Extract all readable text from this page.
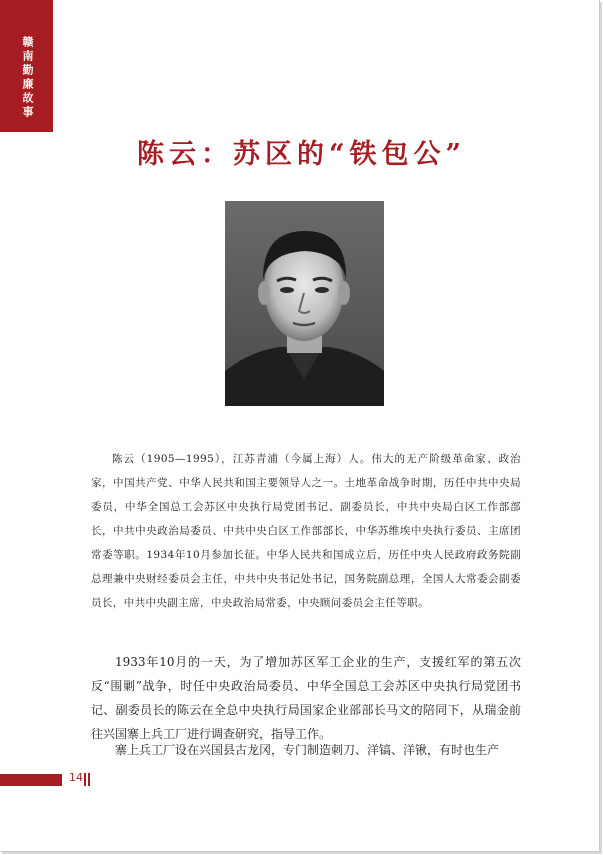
赣南勤廉故事
陈云：苏区的“铁包公”
陈云（1905—1995），江苏青浦（今属上海）人。伟大的无产阶级革命家、政治家，中国共产党、中华人民共和国主要领导人之一。土地革命战争时期，历任中共中央局委员，中华全国总工会苏区中央执行局党团书记、副委员长，中共中央局白区工作部部长，中共中央政治局委员、中共中央白区工作部部长，中华苏维埃中央执行委员、主席团常委等职。1934年10月参加长征。中华人民共和国成立后，历任中央人民政府政务院副总理兼中央财经委员会主任，中共中央书记处书记，国务院副总理，全国人大常委会副委员长，中共中央副主席，中央政治局常委，中央顾问委员会主任等职。
1933年10月的一天，为了增加苏区军工企业的生产，支援红军的第五次反“围剿”战争，时任中央政治局委员、中华全国总工会苏区中央执行局党团书记、副委员长的陈云在全总中央执行局国家企业部部长马文的陪同下，从瑞金前往兴国寨上兵工厂进行调查研究，指导工作。
寨上兵工厂设在兴国县古龙冈，专门制造刺刀、洋镐、洋锹，有时也生产
14
